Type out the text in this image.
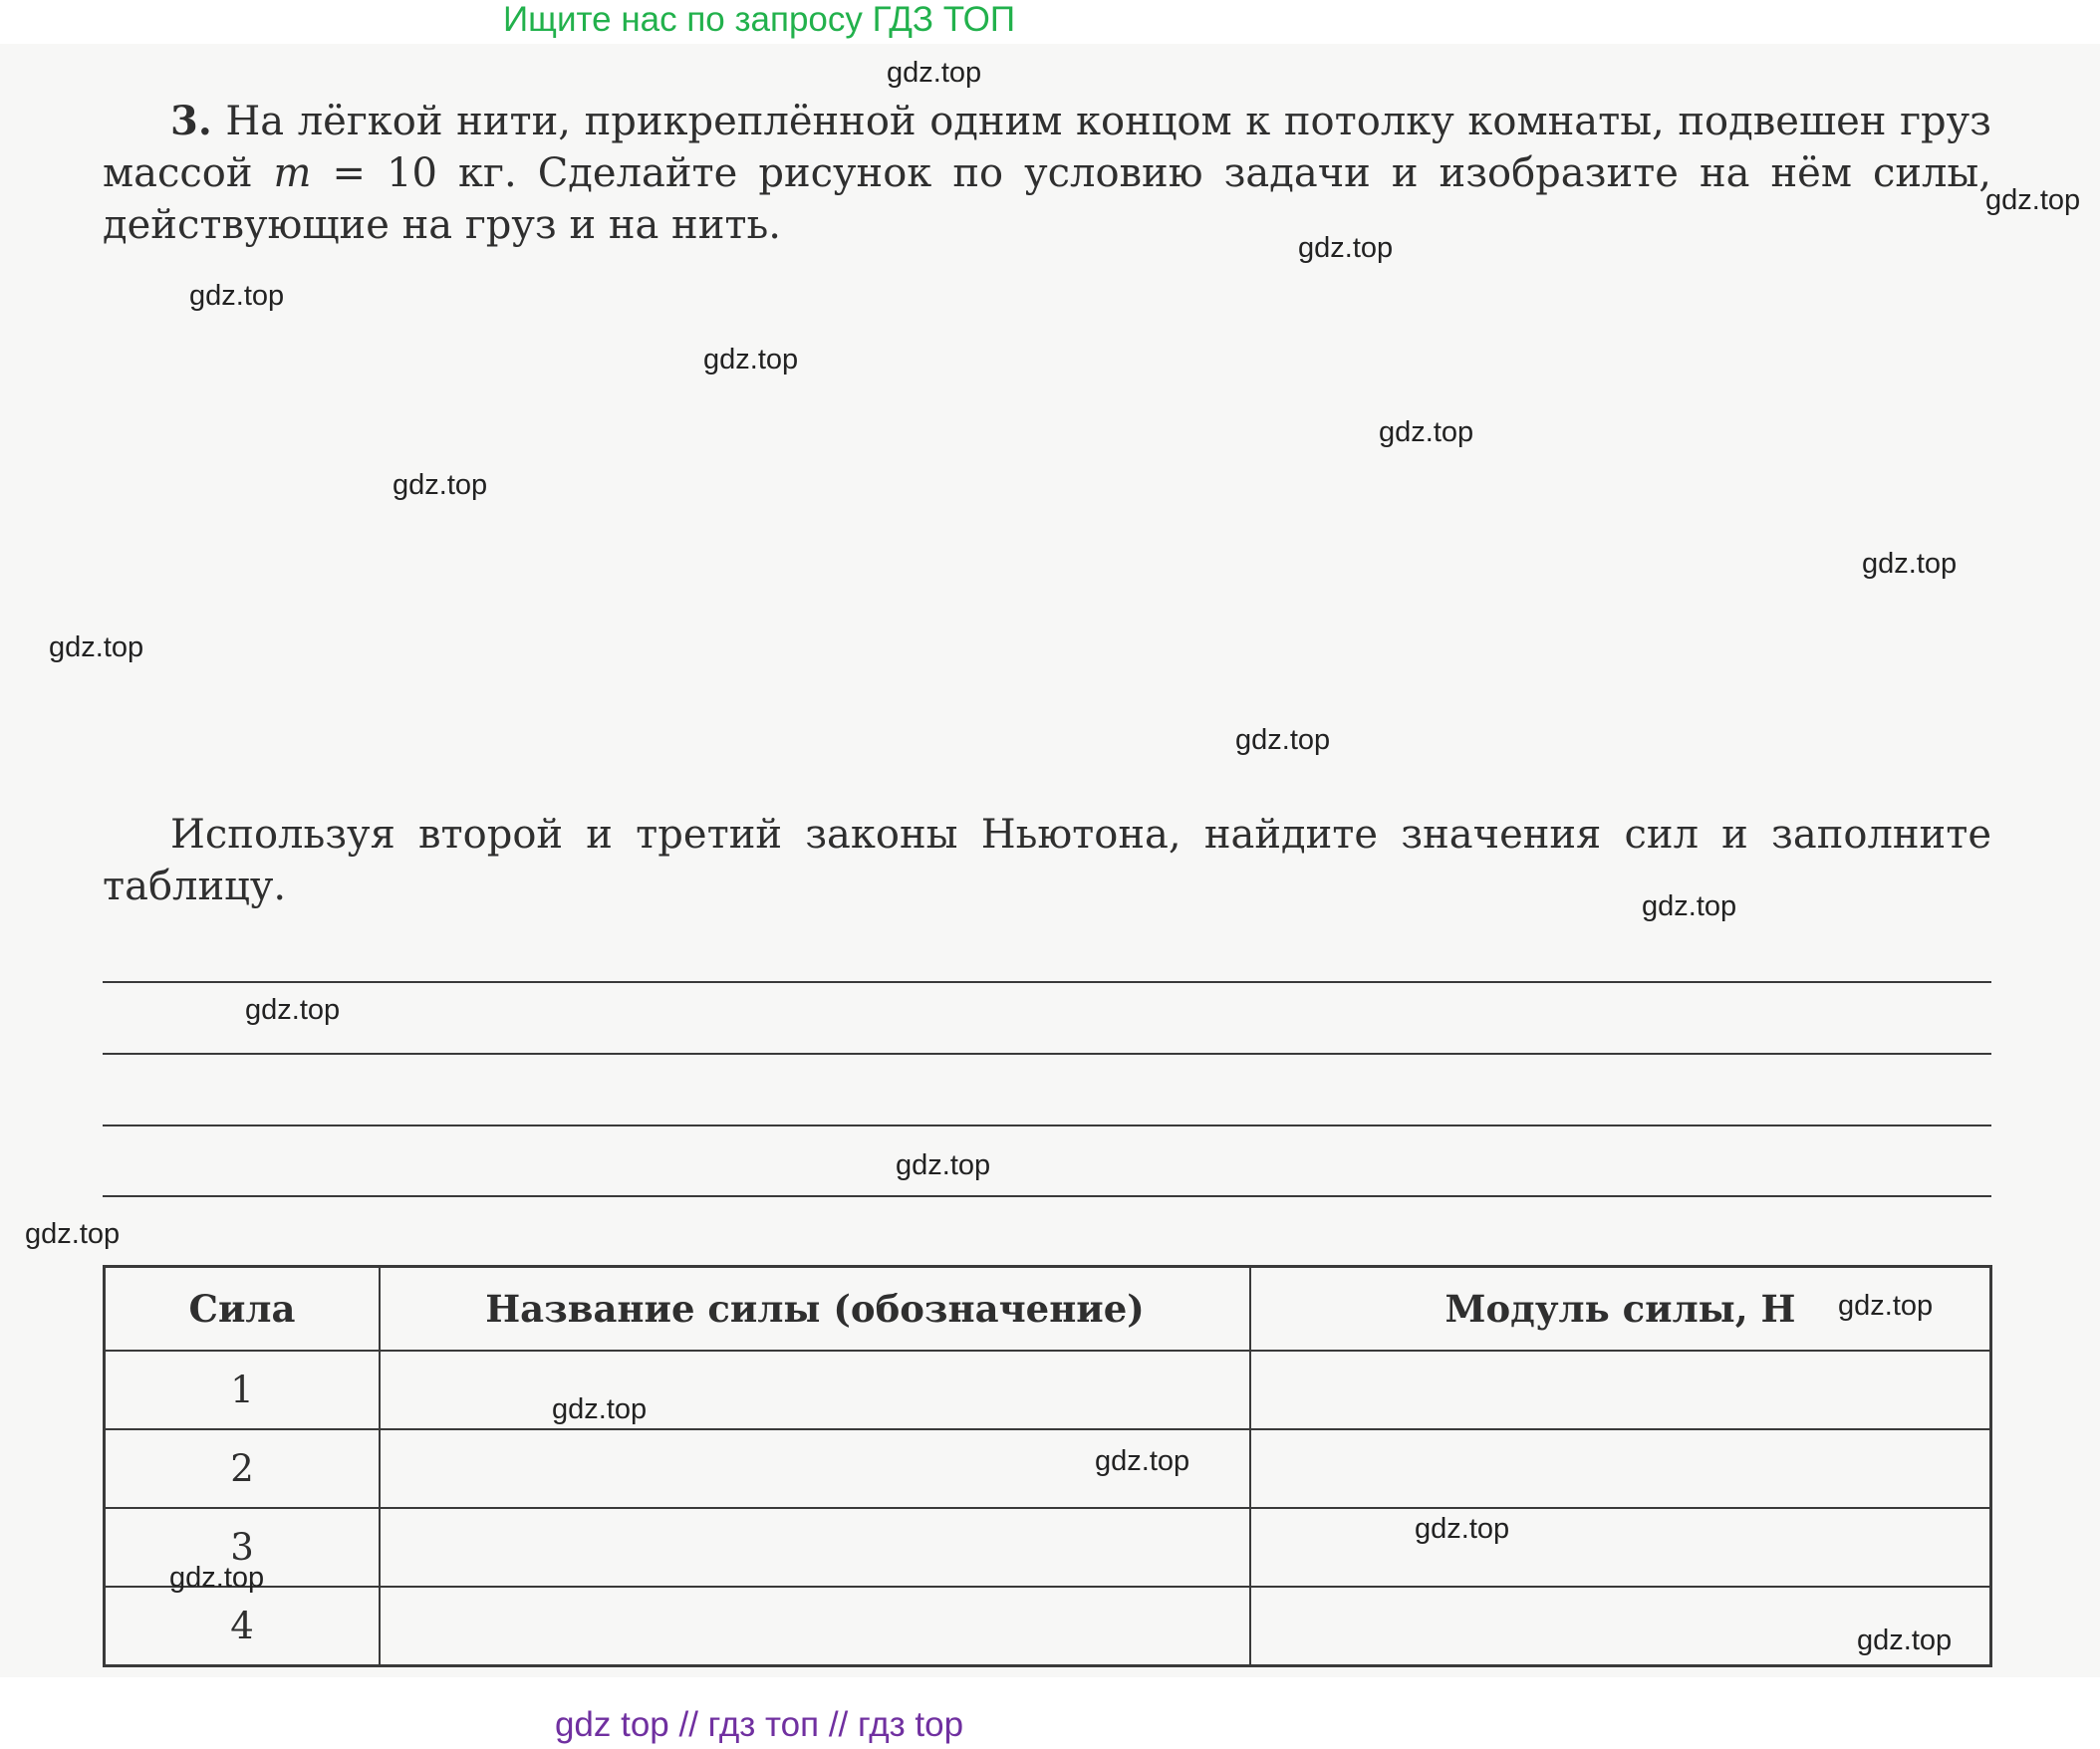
Ищите нас по запросу ГДЗ ТОП
3. На лёгкой нити, прикреплённой одним концом к потолку комнаты, подвешен груз массой m = 10 кг. Сделайте рисунок по условию задачи и изобразите на нём силы, действующие на груз и на нить.
Используя второй и третий законы Ньютона, найдите значения сил и заполните таблицу.
Сила	Название силы (обозначение)	Модуль силы, Н
1		
2		
3		
4		
gdz.top
gdz.top
gdz.top
gdz.top
gdz.top
gdz.top
gdz.top
gdz.top
gdz.top
gdz.top
gdz.top
gdz.top
gdz.top
gdz.top
gdz.top
gdz.top
gdz.top
gdz.top
gdz.top
gdz.top
gdz top // гдз топ // гдз top
